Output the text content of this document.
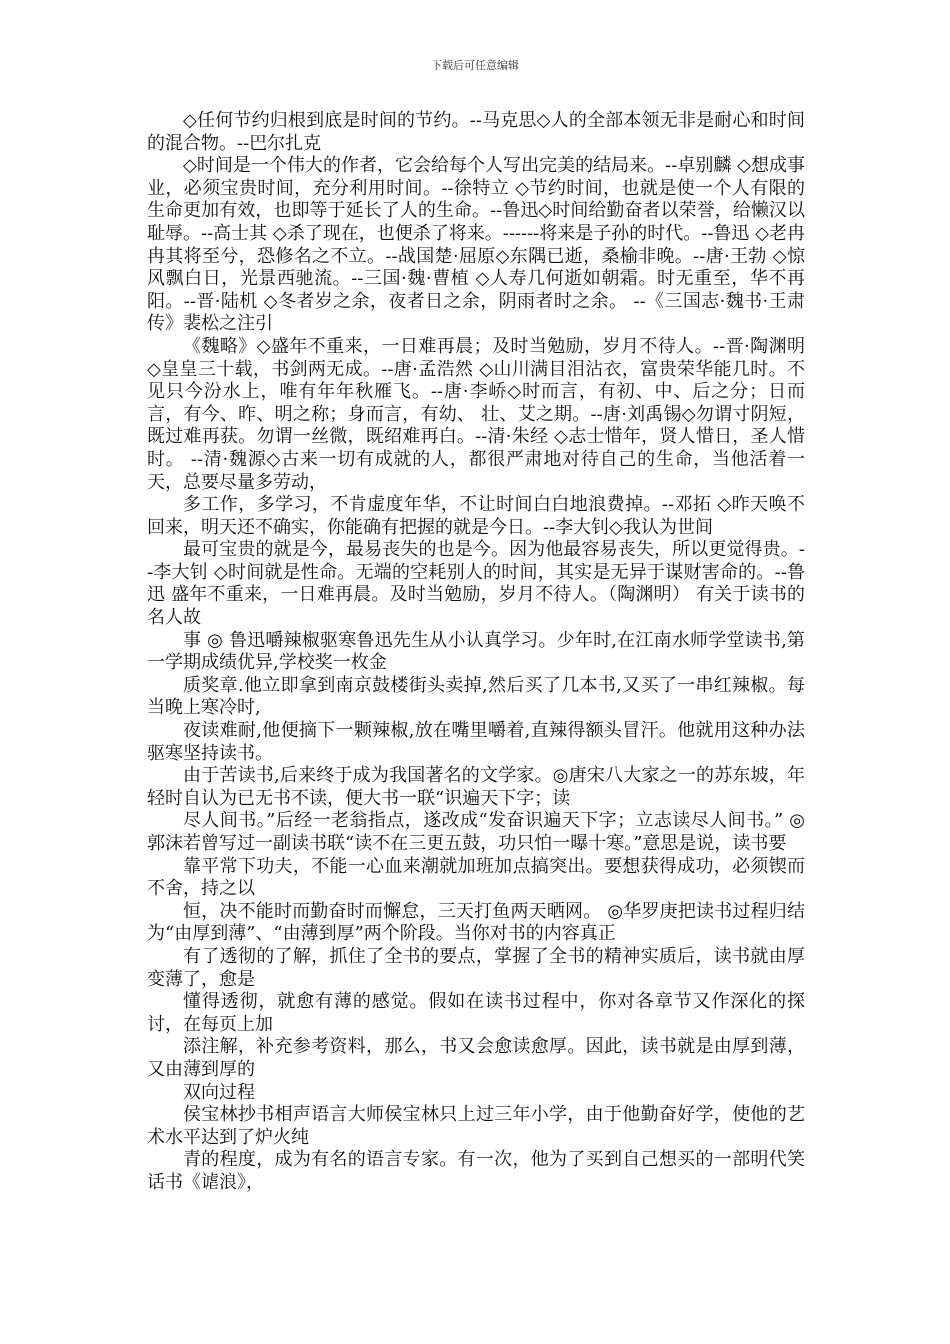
下载后可任意编辑

◇任何节约归根到底是时间的节约。--马克思◇人的全部本领无非是耐心和时间的混合物。--巴尔扎克

◇时间是一个伟大的作者，它会给每个人写出完美的结局来。--卓别麟 ◇想成事业，必须宝贵时间，充分利用时间。--徐特立 ◇节约时间，也就是使一个人有限的生命更加有效，也即等于延长了人的生命。--鲁迅◇时间给勤奋者以荣誉，给懒汉以耻辱。--高士其 ◇杀了现在，也便杀了将来。------将来是子孙的时代。--鲁迅 ◇老冉冉其将至兮，恐修名之不立。--战国楚·屈原◇东隅已逝，桑榆非晚。--唐·王勃 ◇惊风飘白日，光景西驰流。--三国·魏·曹植 ◇人寿几何逝如朝霜。时无重至，华不再阳。--晋·陆机 ◇冬者岁之余，夜者日之余，阴雨者时之余。 --《三国志·魏书·王肃传》裴松之注引

《魏略》◇盛年不重来，一日难再晨；及时当勉励，岁月不待人。--晋·陶渊明 ◇皇皇三十载，书剑两无成。--唐·孟浩然 ◇山川满目泪沾衣，富贵荣华能几时。不见只今汾水上，唯有年年秋雁飞。--唐·李峤◇时而言，有初、中、后之分；日而言，有今、昨、明之称；身而言，有幼、 壮、艾之期。--唐·刘禹锡◇勿谓寸阴短，既过难再获。勿谓一丝微，既绍难再白。--清·朱经 ◇志士惜年，贤人惜日，圣人惜时。 --清·魏源◇古来一切有成就的人，都很严肃地对待自己的生命，当他活着一天，总要尽量多劳动，

多工作，多学习，不肯虚度年华，不让时间白白地浪费掉。--邓拓 ◇昨天唤不回来，明天还不确实，你能确有把握的就是今日。--李大钊◇我认为世间

最可宝贵的就是今，最易丧失的也是今。因为他最容易丧失，所以更觉得贵。--李大钊 ◇时间就是性命。无端的空耗别人的时间，其实是无异于谋财害命的。--鲁迅 盛年不重来，一日难再晨。及时当勉励，岁月不待人。（陶渊明） 有关于读书的名人故

事 ◎ 鲁迅嚼辣椒驱寒鲁迅先生从小认真学习。少年时,在江南水师学堂读书,第一学期成绩优异,学校奖一枚金

质奖章.他立即拿到南京鼓楼街头卖掉,然后买了几本书,又买了一串红辣椒。每当晚上寒冷时,

夜读难耐,他便摘下一颗辣椒,放在嘴里嚼着,直辣得额头冒汗。他就用这种办法驱寒坚持读书。

由于苦读书,后来终于成为我国著名的文学家。◎唐宋八大家之一的苏东坡，年轻时自认为已无书不读，便大书一联“识遍天下字；读

尽人间书。”后经一老翁指点，遂改成“发奋识遍天下字；立志读尽人间书。” ◎郭沫若曾写过一副读书联“读不在三更五鼓，功只怕一曝十寒。”意思是说，读书要

靠平常下功夫，不能一心血来潮就加班加点搞突出。要想获得成功，必须锲而不舍，持之以

恒，决不能时而勤奋时而懈怠，三天打鱼两天晒网。 ◎华罗庚把读书过程归结为“由厚到薄”、“由薄到厚”两个阶段。当你对书的内容真正

有了透彻的了解，抓住了全书的要点，掌握了全书的精神实质后，读书就由厚变薄了，愈是

懂得透彻，就愈有薄的感觉。假如在读书过程中，你对各章节又作深化的探讨，在每页上加

添注解，补充参考资料，那么，书又会愈读愈厚。因此，读书就是由厚到薄，又由薄到厚的

双向过程

侯宝林抄书相声语言大师侯宝林只上过三年小学，由于他勤奋好学，使他的艺术水平达到了炉火纯

青的程度，成为有名的语言专家。有一次，他为了买到自己想买的一部明代笑话书《谑浪》，
